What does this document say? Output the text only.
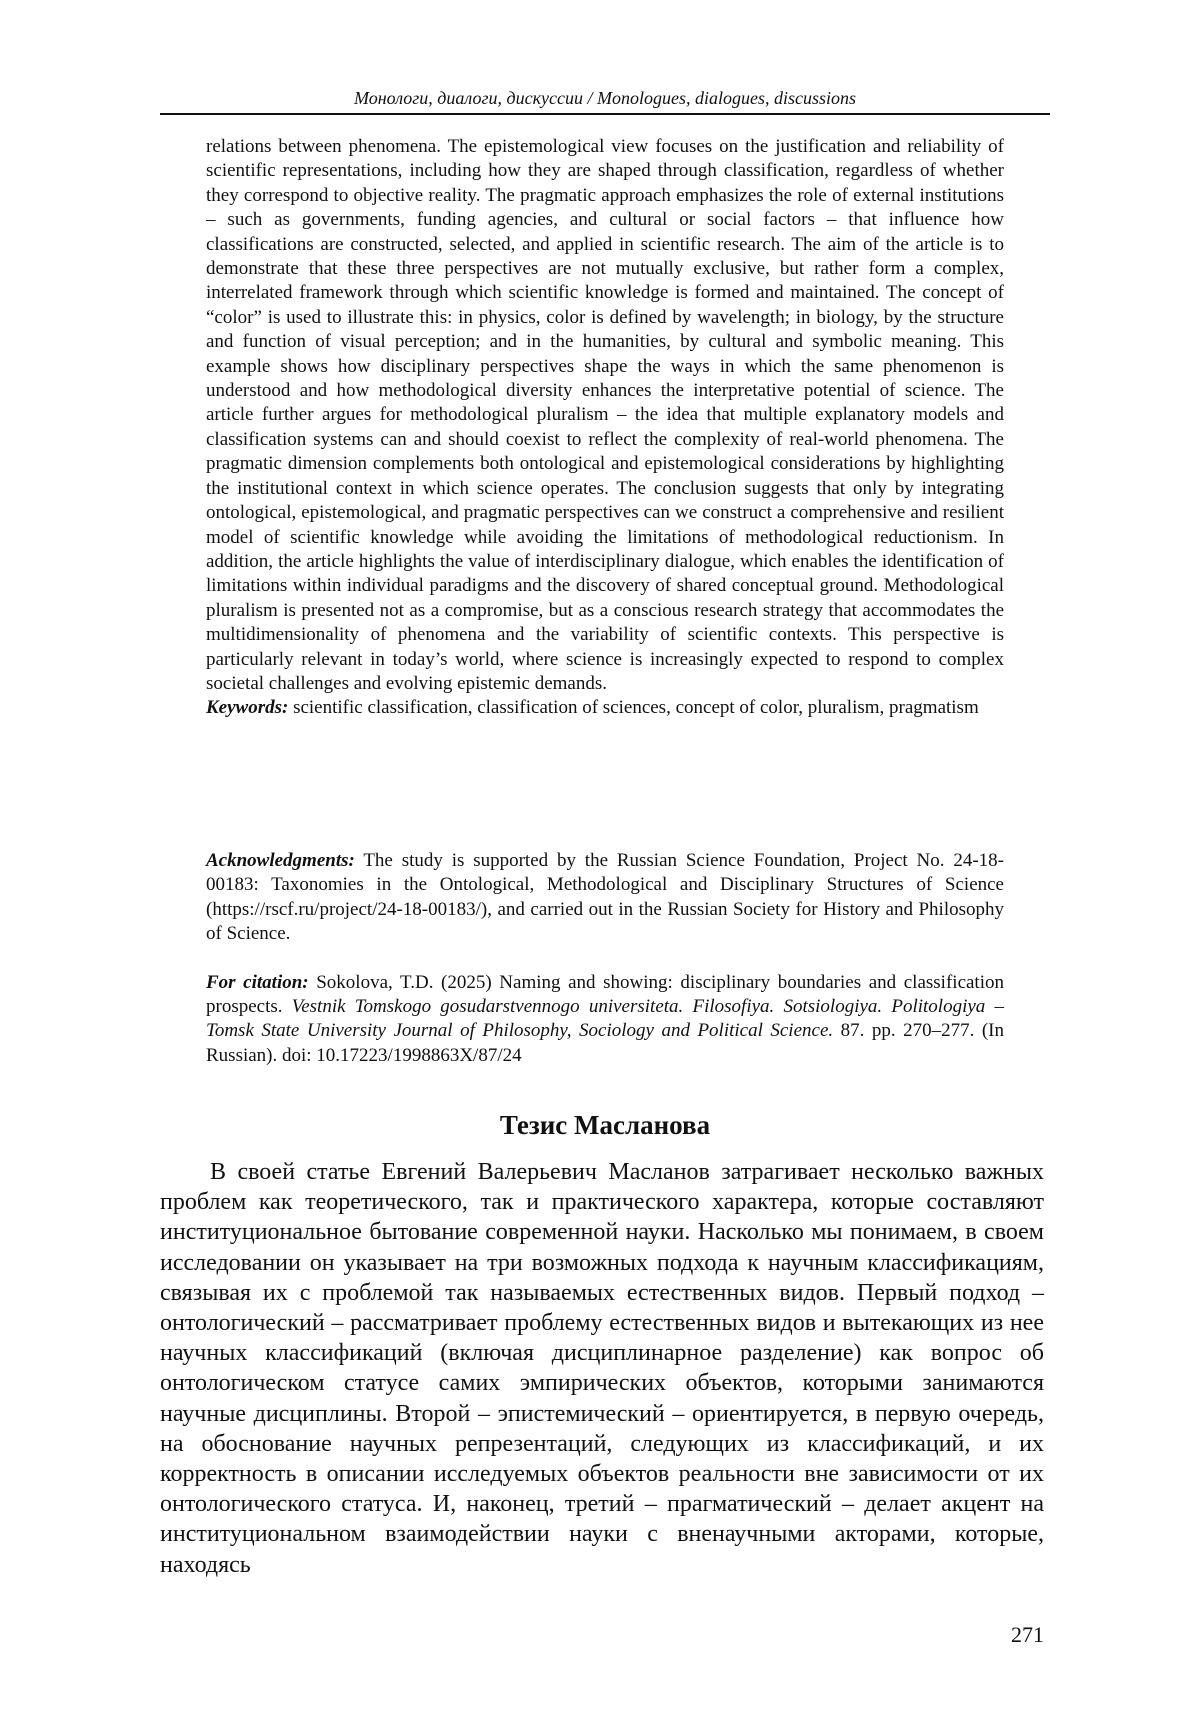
Монологи, диалоги, дискуссии / Monologues, dialogues, discussions

relations between phenomena. The epistemological view focuses on the justification and reliability of scientific representations, including how they are shaped through classification, regardless of whether they correspond to objective reality. The pragmatic approach emphasizes the role of external institutions – such as governments, funding agencies, and cultural or social factors – that influence how classifications are constructed, selected, and applied in scientific research. The aim of the article is to demonstrate that these three perspectives are not mutually exclusive, but rather form a complex, interrelated framework through which scientific knowledge is formed and maintained. The concept of “color” is used to illustrate this: in physics, color is defined by wavelength; in biology, by the structure and function of visual perception; and in the humanities, by cultural and symbolic meaning. This example shows how disciplinary perspectives shape the ways in which the same phenomenon is understood and how methodological diversity enhances the interpretative potential of science. The article further argues for methodological pluralism – the idea that multiple explanatory models and classification systems can and should coexist to reflect the complexity of real-world phenomena. The pragmatic dimension complements both ontological and epistemological considerations by highlighting the institutional context in which science operates. The conclusion suggests that only by integrating ontological, epistemological, and pragmatic perspectives can we construct a comprehensive and resilient model of scientific knowledge while avoiding the limitations of methodological reductionism. In addition, the article highlights the value of interdisciplinary dialogue, which enables the identification of limitations within individual paradigms and the discovery of shared conceptual ground. Methodological pluralism is presented not as a compromise, but as a conscious research strategy that accommodates the multidimensionality of phenomena and the variability of scientific contexts. This perspective is particularly relevant in today’s world, where science is increasingly expected to respond to complex societal challenges and evolving epistemic demands.

Keywords: scientific classification, classification of sciences, concept of color, pluralism, pragmatism

Acknowledgments: The study is supported by the Russian Science Foundation, Project No. 24-18-00183: Taxonomies in the Ontological, Methodological and Disciplinary Structures of Science (https://rscf.ru/project/24-18-00183/), and carried out in the Russian Society for History and Philosophy of Science.

For citation: Sokolova, T.D. (2025) Naming and showing: disciplinary boundaries and classification prospects. Vestnik Tomskogo gosudarstvennogo universiteta. Filosofiya. Sotsiologiya. Politologiya – Tomsk State University Journal of Philosophy, Sociology and Political Science. 87. pp. 270–277. (In Russian). doi: 10.17223/1998863X/87/24

Тезис Масланова

В своей статье Евгений Валерьевич Масланов затрагивает несколько важных проблем как теоретического, так и практического характера, которые составляют институциональное бытование современной науки. Насколько мы понимаем, в своем исследовании он указывает на три возможных подхода к научным классификациям, связывая их с проблемой так называемых естественных видов. Первый подход – онтологический – рассматривает проблему естественных видов и вытекающих из нее научных классификаций (включая дисциплинарное разделение) как вопрос об онтологическом статусе самих эмпирических объектов, которыми занимаются научные дисциплины. Второй – эпистемический – ориентируется, в первую очередь, на обоснование научных репрезентаций, следующих из классификаций, и их корректность в описании исследуемых объектов реальности вне зависимости от их онтологического статуса. И, наконец, третий – прагматический – делает акцент на институциональном взаимодействии науки с вненаучными акторами, которые, находясь

271
